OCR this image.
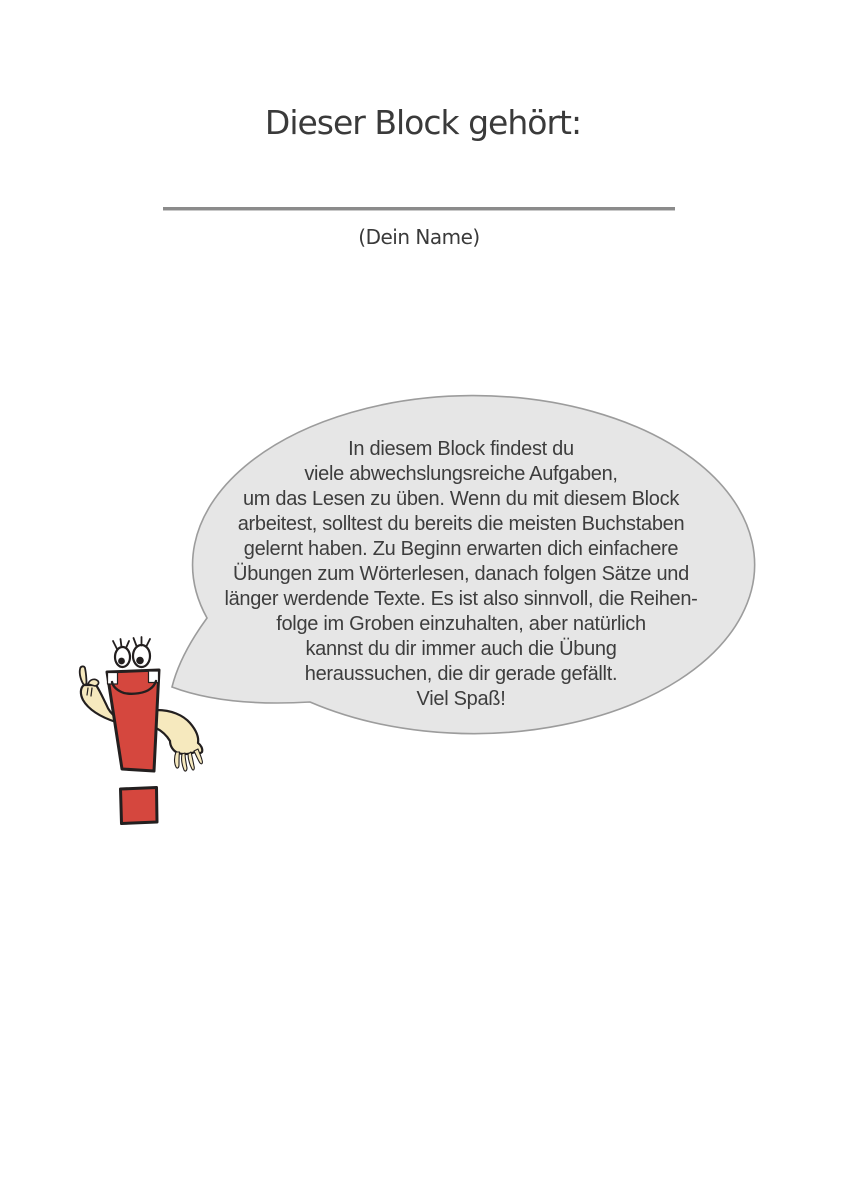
Dieser Block gehört:
(Dein Name)
In diesem Block findest du
viele abwechslungsreiche Aufgaben,
um das Lesen zu üben. Wenn du mit diesem Block
arbeitest, solltest du bereits die meisten Buchstaben
gelernt haben. Zu Beginn erwarten dich einfachere
Übungen zum Wörterlesen, danach folgen Sätze und
länger werdende Texte. Es ist also sinnvoll, die Reihen-
folge im Groben einzuhalten, aber natürlich
kannst du dir immer auch die Übung
heraussuchen, die dir gerade gefällt.
Viel Spaß!
